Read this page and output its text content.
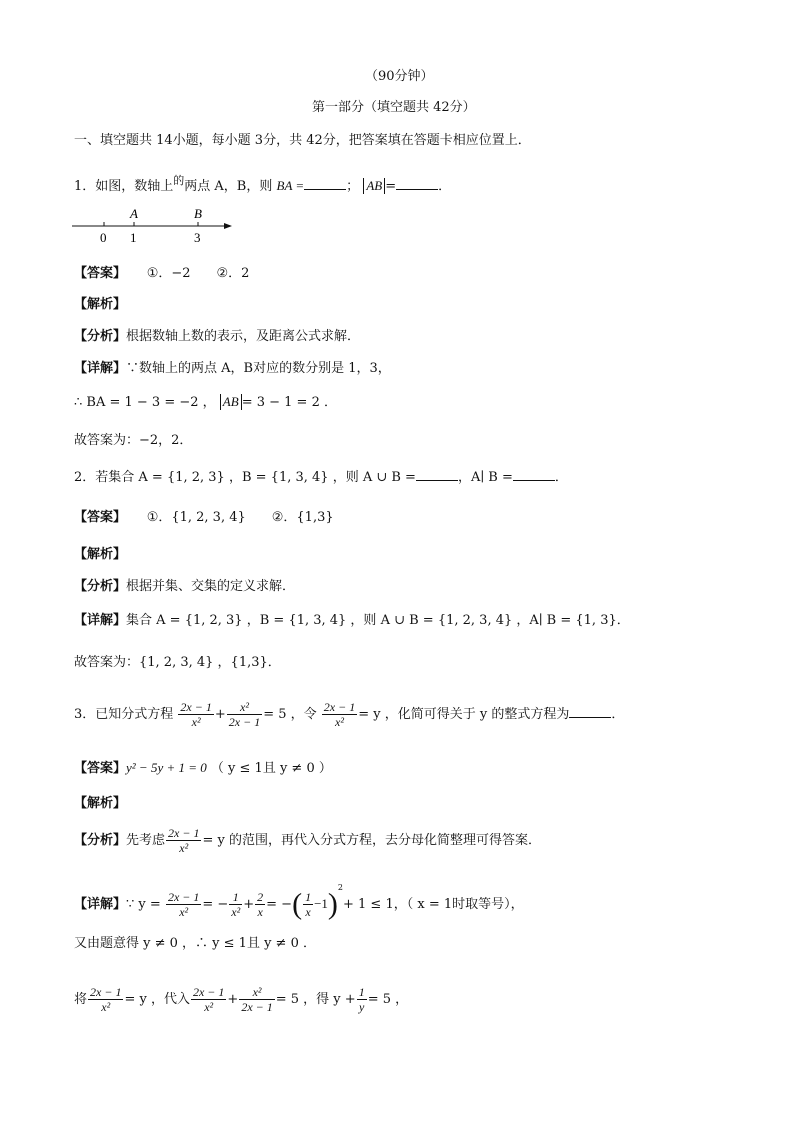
（90分钟）
第一部分（填空题共 42分）
一、填空题共 14小题，每小题 3分，共 42分，把答案填在答题卡相应位置上．
1．如图，数轴上$^的$两点 A，B，则 BA =	； AB =	．
A	B
0 1	3
【答案】 ①．−2　　②．2
【解析】
【分析】根据数轴上数的表示，及距离公式求解．
【详解】∵数轴上的两点 A，B对应的数分别是 1，3，
∴ BA = 1 − 3 = −2 ， AB = 3 − 1 = 2 ．
故答案为：−2，2．
2．若集合 A = {1, 2, 3} ，B = {1, 3, 4} ，则 A ∪ B =	，A∣ B =	．
【答案】 ①．{1, 2, 3, 4}　　②．{1,3}
【解析】
【分析】根据并集、交集的定义求解．
【详解】集合 A = {1, 2, 3} ，B = {1, 3, 4} ，则 A ∪ B = {1, 2, 3, 4} ，A∣ B = {1, 3}．
故答案为：{1, 2, 3, 4} ，{1,3}．
3．已知分式方程 $\frac{2x - 1}{\text{x²}} + \frac{\text{x²}}{2x - 1} = 5$ ，令 $\frac{2x - 1}{\text{x²}} = y$ ，化简可得关于 y 的整式方程为	．
【答案】y² − 5y + 1 = 0 （ y ≤ 1且 y ≠ 0 ）
【解析】
【分析】先考虑 $\frac{2x - 1}{\text{x²}} = y$ 的范围，再代入分式方程，去分母化简整理可得答案．
【详解】∵ $y = \frac{2x - 1}{\text{x²}}$ = − $\frac{1}{\text{x²}} + \frac{2}{x}$ = −( $\frac{1}{x} -1)^2+ 1 \le 1$，（ x = 1时取等号），
又由题意得 y ≠ 0 ，∴ y ≤ 1且 y ≠ 0 ．
将 $\frac{2x - 1}{\text{x²}} = y$ ，代入 $\frac{2x - 1}{\text{x²}} + \frac{\text{x²}}{2x - 1} = 5$ ，得 $y + \frac{1}{y} = 5$ ，
